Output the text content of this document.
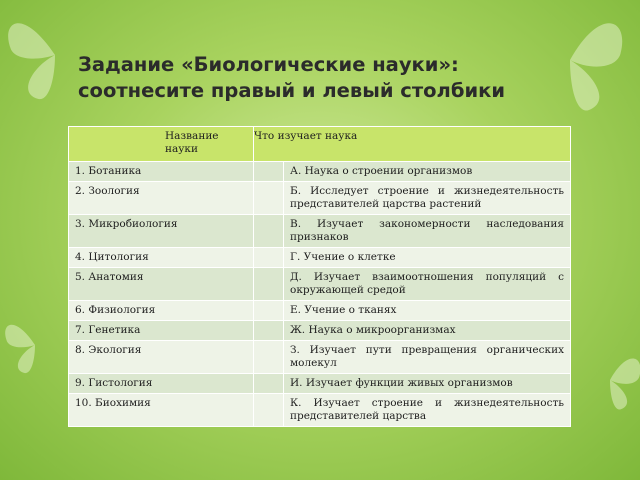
Задание «Биологические науки»:
соотнесите правый и левый столбики
Название науки	Что изучает наука	
1. Ботаника		А. Наука о строении организмов
2. Зоология		Б. Исследует строение и жизнедеятельность представителей царства растений
3. Микробиология		В. Изучает закономерности наследования признаков
4. Цитология		Г. Учение о клетке
5. Анатомия		Д. Изучает взаимоотношения популяций с окружающей средой
6. Физиология		Е. Учение о тканях
7. Генетика		Ж. Наука о микроорганизмах
8. Экология		З. Изучает пути превращения органических молекул
9. Гистология		И. Изучает функции живых организмов
10. Биохимия		К. Изучает строение и жизнедеятельность представителей царства
